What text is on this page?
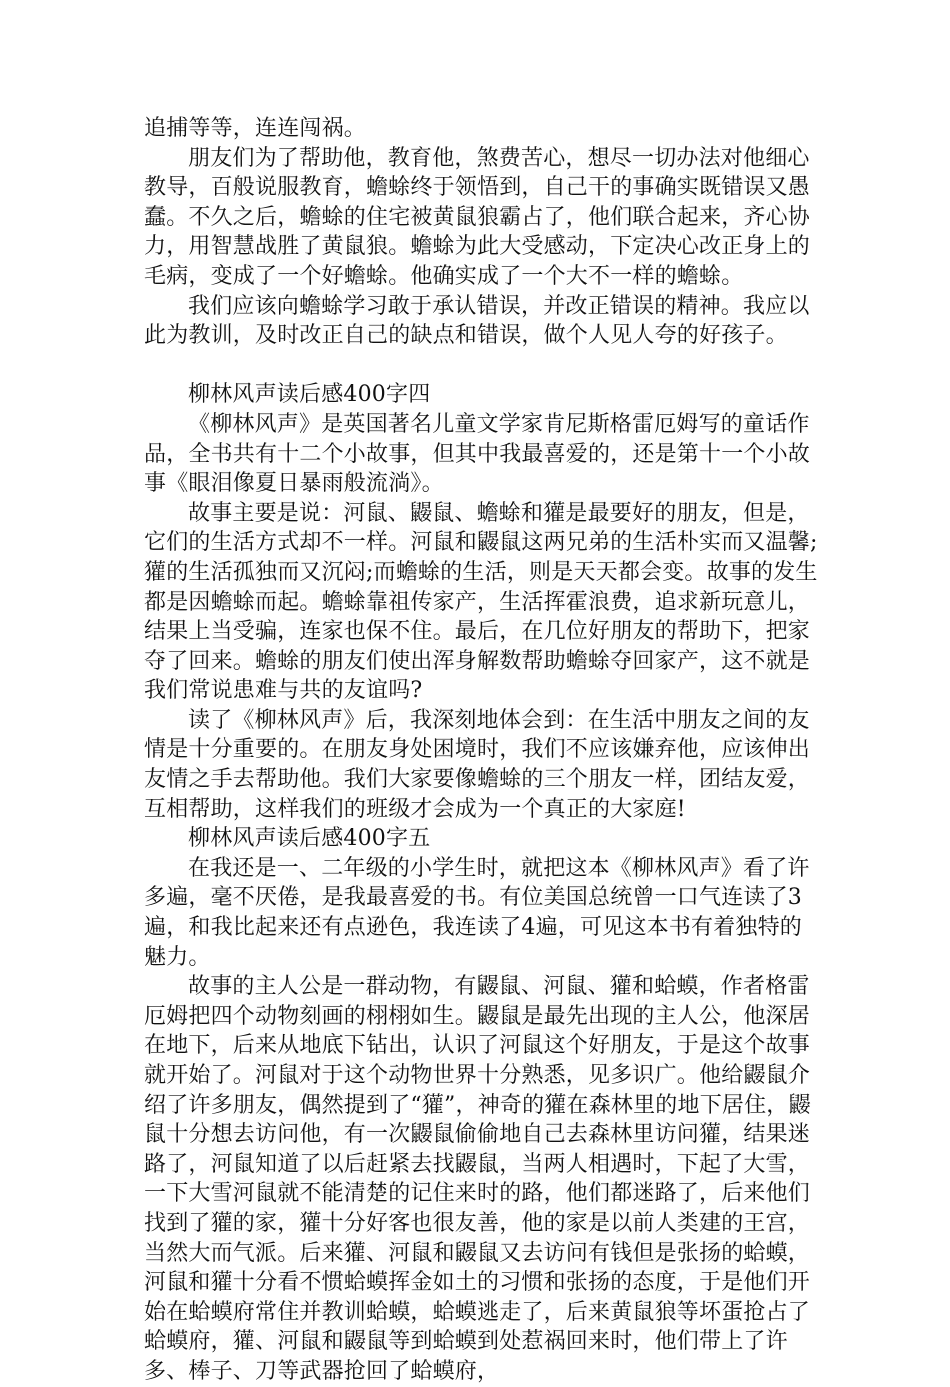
追捕等等，连连闯祸。

朋友们为了帮助他，教育他，煞费苦心，想尽一切办法对他细心教导，百般说服教育，蟾蜍终于领悟到，自己干的事确实既错误又愚蠢。不久之后，蟾蜍的住宅被黄鼠狼霸占了，他们联合起来，齐心协力，用智慧战胜了黄鼠狼。蟾蜍为此大受感动，下定决心改正身上的毛病，变成了一个好蟾蜍。他确实成了一个大不一样的蟾蜍。

我们应该向蟾蜍学习敢于承认错误，并改正错误的精神。我应以此为教训，及时改正自己的缺点和错误，做个人见人夸的好孩子。

柳林风声读后感400字四

《柳林风声》是英国著名儿童文学家肯尼斯格雷厄姆写的童话作品，全书共有十二个小故事，但其中我最喜爱的，还是第十一个小故事《眼泪像夏日暴雨般流淌》。

故事主要是说：河鼠、鼹鼠、蟾蜍和獾是最要好的朋友，但是，它们的生活方式却不一样。河鼠和鼹鼠这两兄弟的生活朴实而又温馨;獾的生活孤独而又沉闷;而蟾蜍的生活，则是天天都会变。故事的发生都是因蟾蜍而起。蟾蜍靠祖传家产，生活挥霍浪费，追求新玩意儿，结果上当受骗，连家也保不住。最后，在几位好朋友的帮助下，把家夺了回来。蟾蜍的朋友们使出浑身解数帮助蟾蜍夺回家产，这不就是我们常说患难与共的友谊吗?

读了《柳林风声》后，我深刻地体会到：在生活中朋友之间的友情是十分重要的。在朋友身处困境时，我们不应该嫌弃他，应该伸出友情之手去帮助他。我们大家要像蟾蜍的三个朋友一样，团结友爱，互相帮助，这样我们的班级才会成为一个真正的大家庭!

柳林风声读后感400字五

在我还是一、二年级的小学生时，就把这本《柳林风声》看了许多遍，毫不厌倦，是我最喜爱的书。有位美国总统曾一口气连读了3遍，和我比起来还有点逊色，我连读了4遍，可见这本书有着独特的魅力。

故事的主人公是一群动物，有鼹鼠、河鼠、獾和蛤蟆，作者格雷厄姆把四个动物刻画的栩栩如生。鼹鼠是最先出现的主人公，他深居在地下，后来从地底下钻出，认识了河鼠这个好朋友，于是这个故事就开始了。河鼠对于这个动物世界十分熟悉，见多识广。他给鼹鼠介绍了许多朋友，偶然提到了“獾”，神奇的獾在森林里的地下居住，鼹鼠十分想去访问他，有一次鼹鼠偷偷地自己去森林里访问獾，结果迷路了，河鼠知道了以后赶紧去找鼹鼠，当两人相遇时，下起了大雪，一下大雪河鼠就不能清楚的记住来时的路，他们都迷路了，后来他们找到了獾的家，獾十分好客也很友善，他的家是以前人类建的王宫，当然大而气派。后来獾、河鼠和鼹鼠又去访问有钱但是张扬的蛤蟆，河鼠和獾十分看不惯蛤蟆挥金如土的习惯和张扬的态度，于是他们开始在蛤蟆府常住并教训蛤蟆，蛤蟆逃走了，后来黄鼠狼等坏蛋抢占了蛤蟆府，獾、河鼠和鼹鼠等到蛤蟆到处惹祸回来时，他们带上了许多、棒子、刀等武器抢回了蛤蟆府，
